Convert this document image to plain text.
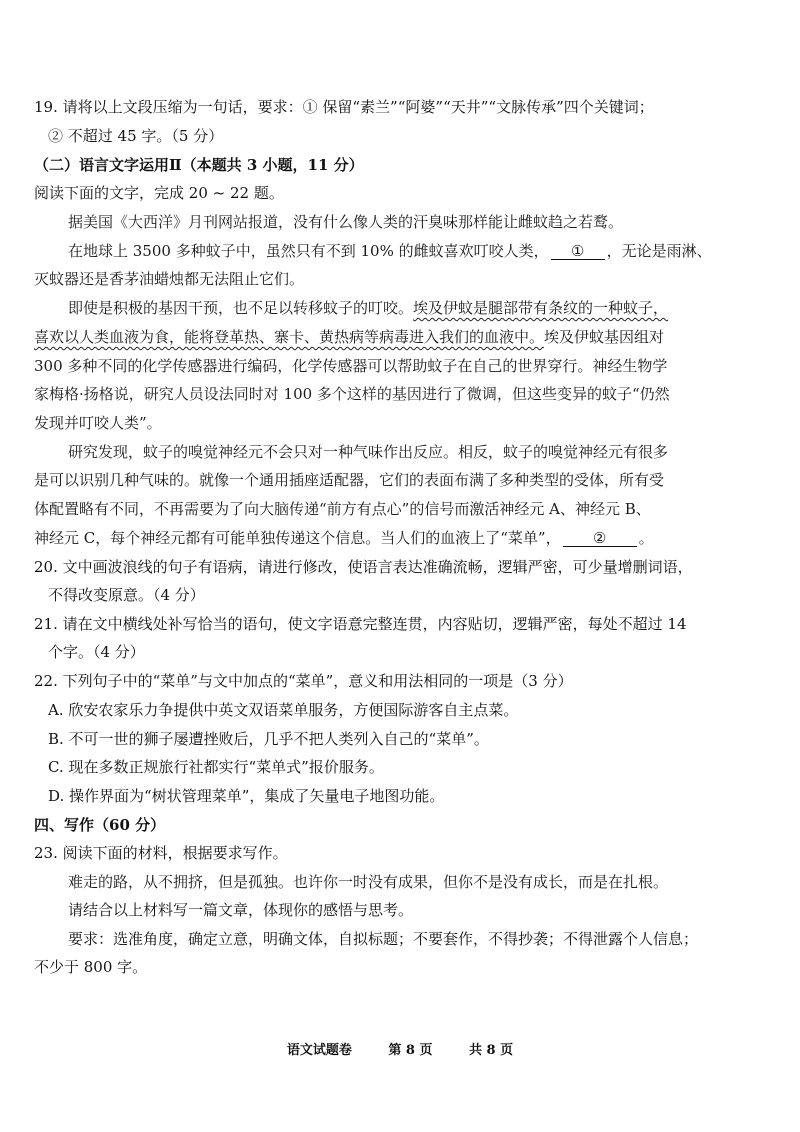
19. 请将以上文段压缩为一句话，要求：① 保留“素兰”“阿婆”“天井”“文脉传承”四个关键词；
② 不超过 45 字。（5 分）
（二）语言文字运用Ⅱ（本题共 3 小题，11 分）
阅读下面的文字，完成 20 ~ 22 题。
据美国《大西洋》月刊网站报道，没有什么像人类的汗臭味那样能让雌蚊趋之若鹜。
在地球上 3500 多种蚊子中，虽然只有不到 10% 的雌蚊喜欢叮咬人类， ① ，无论是雨淋、
灭蚊器还是香茅油蜡烛都无法阻止它们。
即使是积极的基因干预，也不足以转移蚊子的叮咬。埃及伊蚊是腿部带有条纹的一种蚊子，
喜欢以人类血液为食，能将登革热、寨卡、黄热病等病毒进入我们的血液中。埃及伊蚊基因组对
300 多种不同的化学传感器进行编码，化学传感器可以帮助蚊子在自己的世界穿行。神经生物学
家梅格·扬格说，研究人员设法同时对 100 多个这样的基因进行了微调，但这些变异的蚊子“仍然
发现并叮咬人类”。
研究发现，蚊子的嗅觉神经元不会只对一种气味作出反应。相反，蚊子的嗅觉神经元有很多
是可以识别几种气味的。就像一个通用插座适配器，它们的表面布满了多种类型的受体，所有受
体配置略有不同，不再需要为了向大脑传递“前方有点心”的信号而激活神经元 A、神经元 B、
神经元 C，每个神经元都有可能单独传递这个信息。当人们的血液上了“菜单”， ② 。
20. 文中画波浪线的句子有语病，请进行修改，使语言表达准确流畅，逻辑严密，可少量增删词语，
不得改变原意。（4 分）
21. 请在文中横线处补写恰当的语句，使文字语意完整连贯，内容贴切，逻辑严密，每处不超过 14
个字。（4 分）
22. 下列句子中的“菜单”与文中加点的“菜单”，意义和用法相同的一项是（3 分）
A. 欣安农家乐力争提供中英文双语菜单服务，方便国际游客自主点菜。
B. 不可一世的狮子屡遭挫败后，几乎不把人类列入自己的“菜单”。
C. 现在多数正规旅行社都实行“菜单式”报价服务。
D. 操作界面为“树状管理菜单”，集成了矢量电子地图功能。
四、写作（60 分）
23. 阅读下面的材料，根据要求写作。
难走的路，从不拥挤，但是孤独。也许你一时没有成果，但你不是没有成长，而是在扎根。
请结合以上材料写一篇文章，体现你的感悟与思考。
要求：选准角度，确定立意，明确文体，自拟标题；不要套作，不得抄袭；不得泄露个人信息；
不少于 800 字。
语文试题卷	第 8 页	共 8 页
